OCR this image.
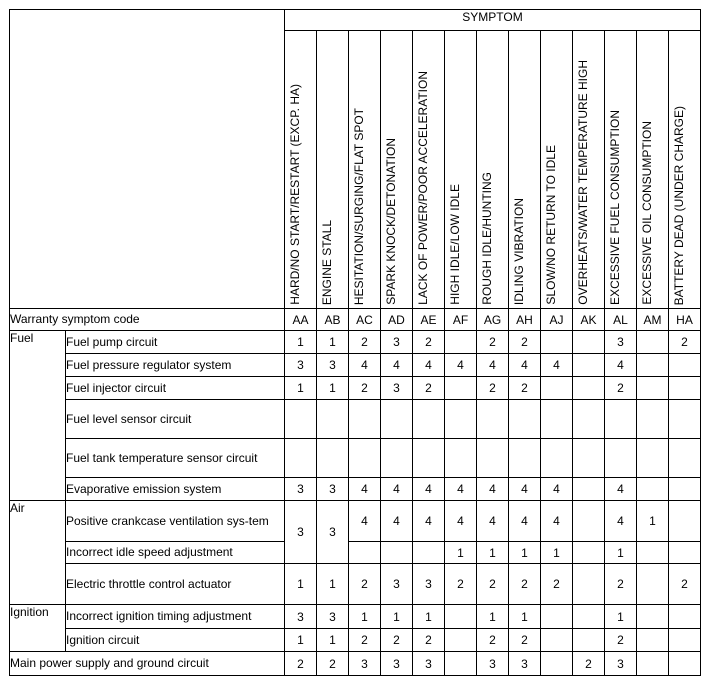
		SYMPTOM												
		HARD/NO START/RESTART (EXCP. HA)	ENGINE STALL	HESITATION/SURGING/FLAT SPOT	SPARK KNOCK/DETONATION	LACK OF POWER/POOR ACCELERATION	HIGH IDLE/LOW IDLE	ROUGH IDLE/HUNTING	IDLING VIBRATION	SLOW/NO RETURN TO IDLE	OVERHEATS/WATER TEMPERATURE HIGH	EXCESSIVE FUEL CONSUMPTION	EXCESSIVE OIL CONSUMPTION	BATTERY DEAD (UNDER CHARGE)
Warranty symptom code		AA	AB	AC	AD	AE	AF	AG	AH	AJ	AK	AL	AM	HA
Fuel	Fuel pump circuit	1	1	2	3	2		2	2			3		2
	Fuel pressure regulator system	3	3	4	4	4	4	4	4	4		4		
	Fuel injector circuit	1	1	2	3	2		2	2			2		
	Fuel level sensor circuit													
	Fuel tank temperature sensor circuit													
	Evaporative emission system	3	3	4	4	4	4	4	4	4		4		
Air	Positive crankcase ventilation sys-tem	3	3	4	4	4	4	4	4	4		4	1	
	Incorrect idle speed adjustment						1	1	1	1		1		
	Electric throttle control actuator	1	1	2	3	3	2	2	2	2		2		2
Ignition	Incorrect ignition timing adjustment	3	3	1	1	1		1	1			1		
	Ignition circuit	1	1	2	2	2		2	2			2		
Main power supply and ground circuit		2	2	3	3	3		3	3		2	3		
